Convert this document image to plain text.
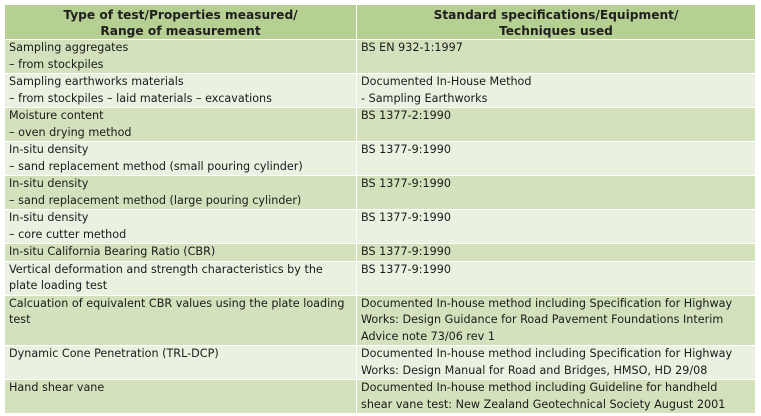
Type of test/Properties measured/
Range of measurement	Standard specifications/Equipment/
Techniques used
Sampling aggregates
– from stockpiles	BS EN 932-1:1997
Sampling earthworks materials
– from stockpiles – laid materials – excavations	Documented In-House Method
- Sampling Earthworks
Moisture content
– oven drying method	BS 1377-2:1990
In-situ density
– sand replacement method (small pouring cylinder)	BS 1377-9:1990
In-situ density
– sand replacement method (large pouring cylinder)	BS 1377-9:1990
In-situ density
– core cutter method	BS 1377-9:1990
In-situ California Bearing Ratio (CBR)	BS 1377-9:1990
Vertical deformation and strength characteristics by the
plate loading test	BS 1377-9:1990
Calcuation of equivalent CBR values using the plate loading
test	Documented In-house method including Specification for Highway
Works: Design Guidance for Road Pavement Foundations Interim
Advice note 73/06 rev 1
Dynamic Cone Penetration (TRL-DCP)	Documented In-house method including Specification for Highway
Works: Design Manual for Road and Bridges, HMSO, HD 29/08
Hand shear vane	Documented In-house method including Guideline for handheld
shear vane test: New Zealand Geotechnical Society August 2001
